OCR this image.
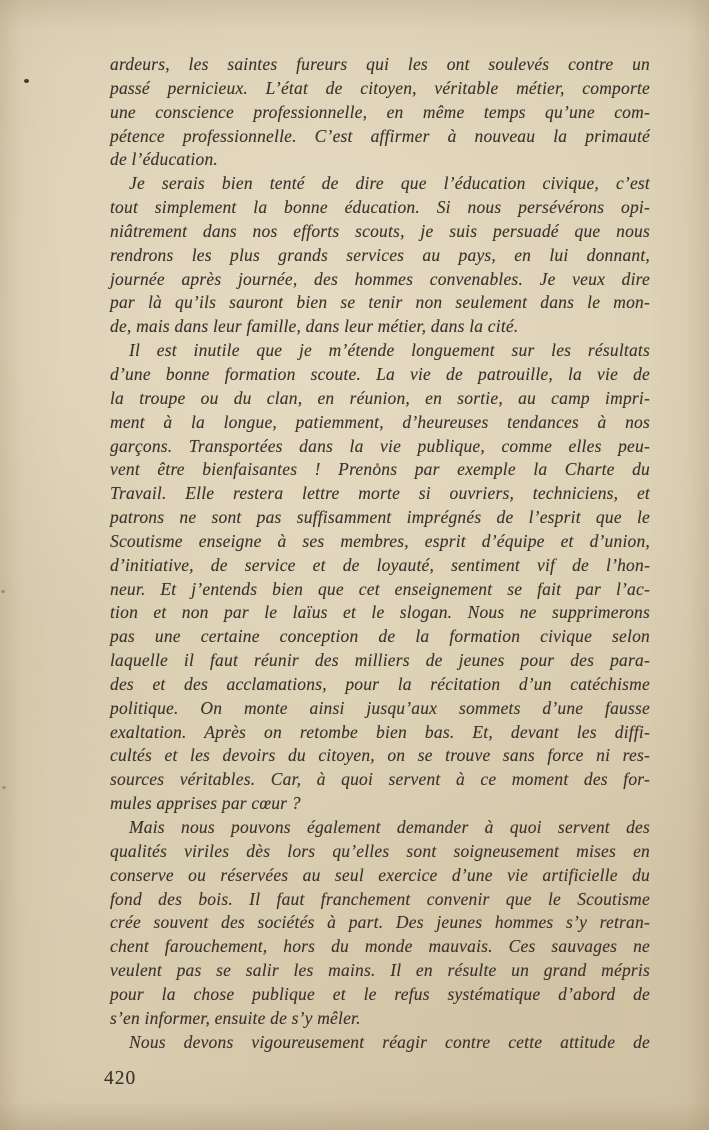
ardeurs, les saintes fureurs qui les ont soulevés contre un
passé pernicieux. L’état de citoyen, véritable métier, comporte
une conscience professionnelle, en même temps qu’une com-
pétence professionnelle. C’est affirmer à nouveau la primauté
de l’éducation.
Je serais bien tenté de dire que l’éducation civique, c’est
tout simplement la bonne éducation. Si nous persévérons opi-
niâtrement dans nos efforts scouts, je suis persuadé que nous
rendrons les plus grands services au pays, en lui donnant,
journée après journée, des hommes convenables. Je veux dire
par là qu’ils sauront bien se tenir non seulement dans le mon-
de, mais dans leur famille, dans leur métier, dans la cité.
Il est inutile que je m’étende longuement sur les résultats
d’une bonne formation scoute. La vie de patrouille, la vie de
la troupe ou du clan, en réunion, en sortie, au camp impri-
ment à la longue, patiemment, d’heureuses tendances à nos
garçons. Transportées dans la vie publique, comme elles peu-
vent être bienfaisantes ! Prenons par exemple la Charte du
Travail. Elle restera lettre morte si ouvriers, techniciens, et
patrons ne sont pas suffisamment imprégnés de l’esprit que le
Scoutisme enseigne à ses membres, esprit d’équipe et d’union,
d’initiative, de service et de loyauté, sentiment vif de l’hon-
neur. Et j’entends bien que cet enseignement se fait par l’ac-
tion et non par le laïus et le slogan. Nous ne supprimerons
pas une certaine conception de la formation civique selon
laquelle il faut réunir des milliers de jeunes pour des para-
des et des acclamations, pour la récitation d’un catéchisme
politique. On monte ainsi jusqu’aux sommets d’une fausse
exaltation. Après on retombe bien bas. Et, devant les diffi-
cultés et les devoirs du citoyen, on se trouve sans force ni res-
sources véritables. Car, à quoi servent à ce moment des for-
mules apprises par cœur ?
Mais nous pouvons également demander à quoi servent des
qualités viriles dès lors qu’elles sont soigneusement mises en
conserve ou réservées au seul exercice d’une vie artificielle du
fond des bois. Il faut franchement convenir que le Scoutisme
crée souvent des sociétés à part. Des jeunes hommes s’y retran-
chent farouchement, hors du monde mauvais. Ces sauvages ne
veulent pas se salir les mains. Il en résulte un grand mépris
pour la chose publique et le refus systématique d’abord de
s’en informer, ensuite de s’y mêler.
Nous devons vigoureusement réagir contre cette attitude de
420
